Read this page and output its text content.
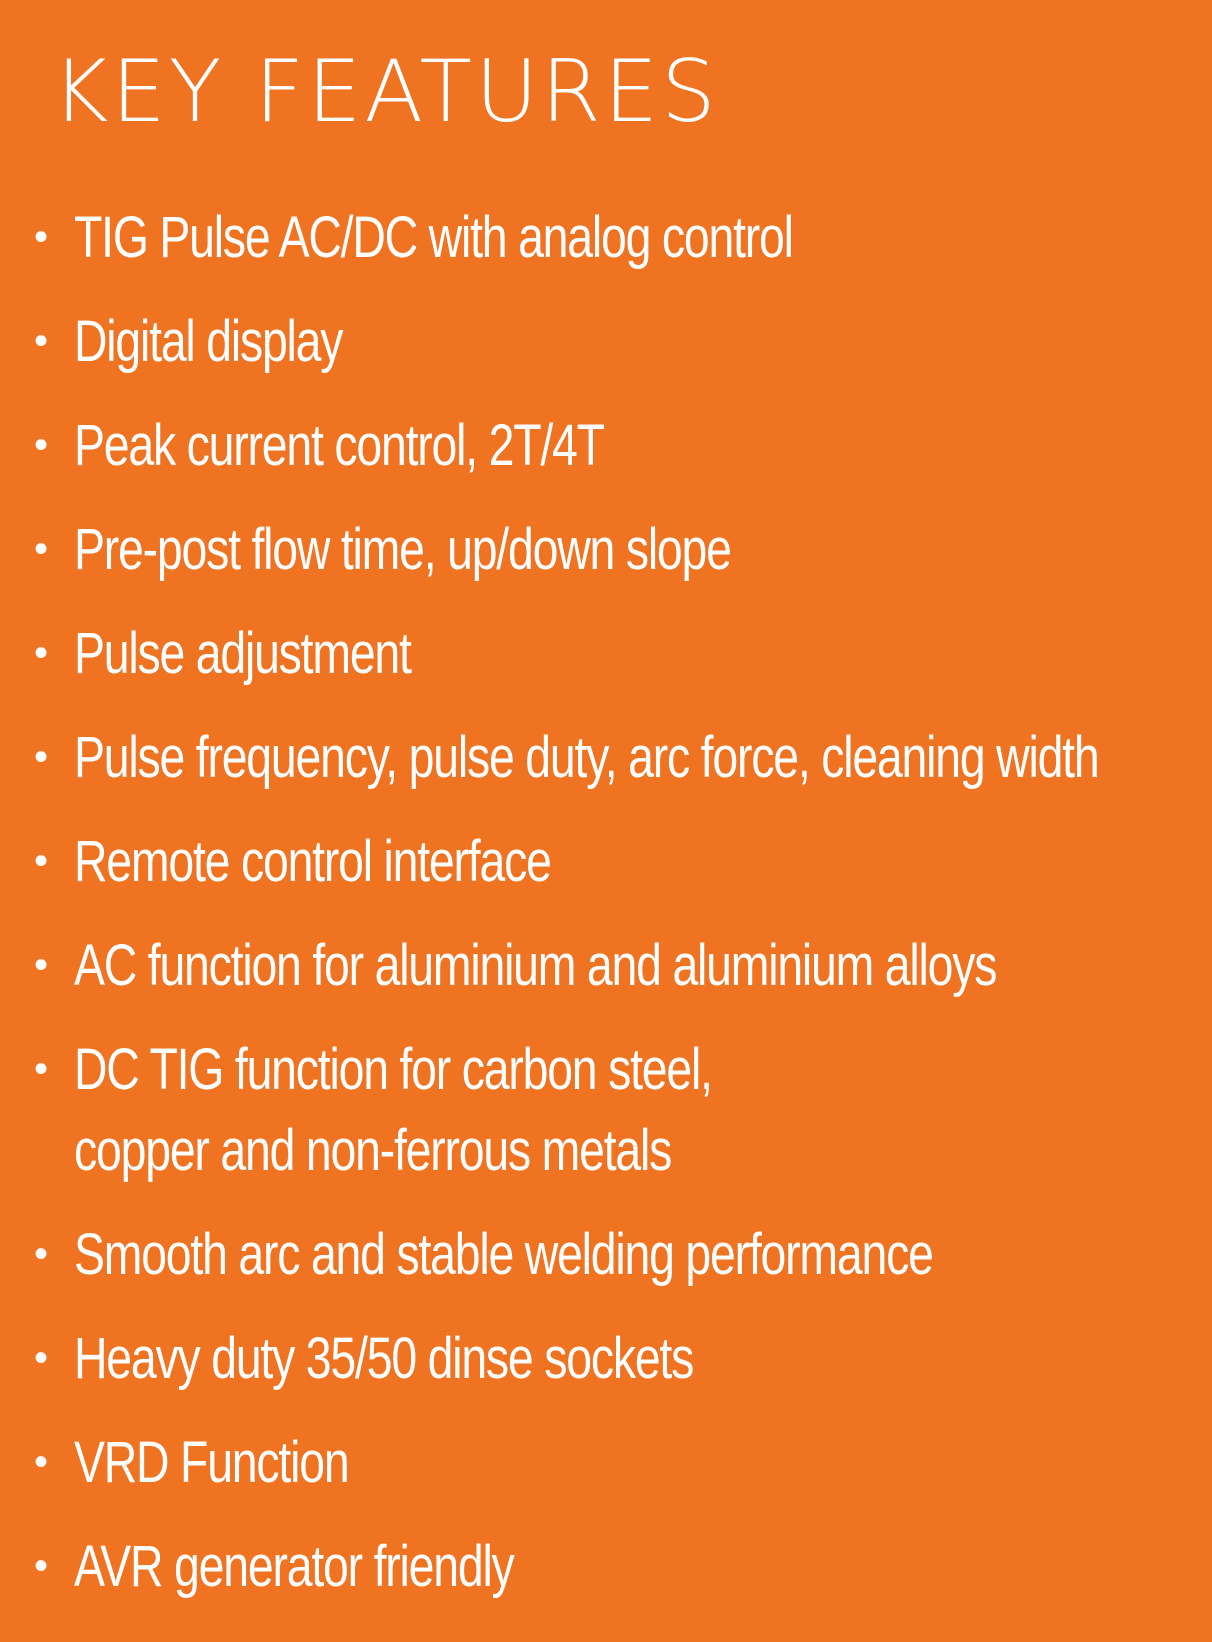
KEY FEATURES
• TIG Pulse AC/DC with analog control
• Digital display
• Peak current control, 2T/4T
• Pre-post flow time, up/down slope
• Pulse adjustment
• Pulse frequency, pulse duty, arc force, cleaning width
• Remote control interface
• AC function for aluminium and aluminium alloys
• DC TIG function for carbon steel,
copper and non-ferrous metals
• Smooth arc and stable welding performance
• Heavy duty 35/50 dinse sockets
• VRD Function
• AVR generator friendly
